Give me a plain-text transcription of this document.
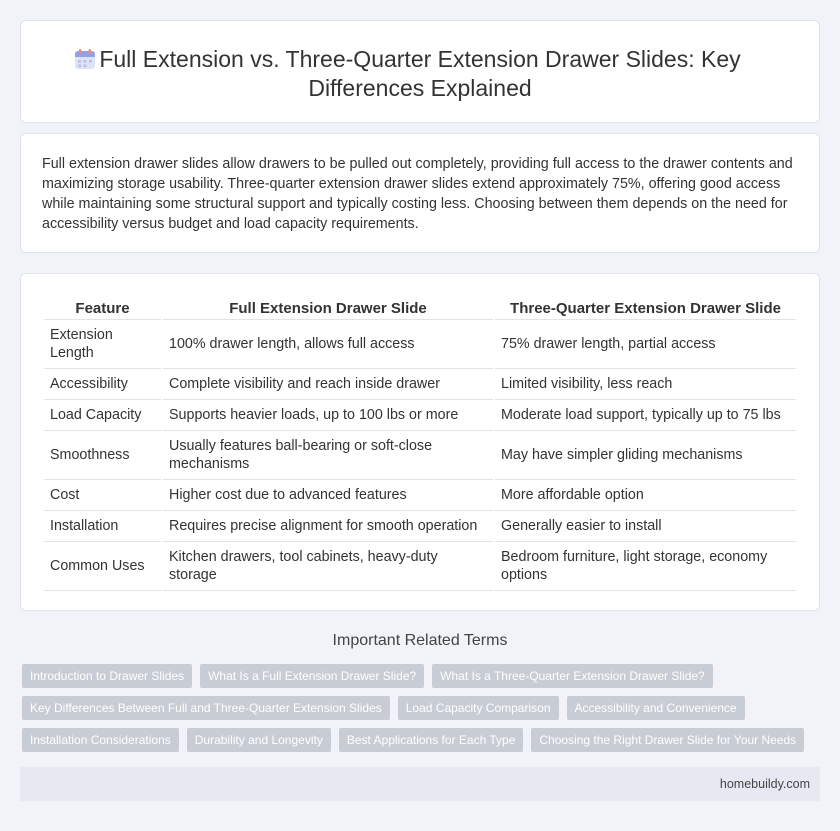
Full Extension vs. Three-Quarter Extension Drawer Slides: Key Differences Explained

Full extension drawer slides allow drawers to be pulled out completely, providing full access to the drawer contents and maximizing storage usability. Three-quarter extension drawer slides extend approximately 75%, offering good access while maintaining some structural support and typically costing less. Choosing between them depends on the need for accessibility versus budget and load capacity requirements.

Feature	Full Extension Drawer Slide	Three-Quarter Extension Drawer Slide
Extension Length	100% drawer length, allows full access	75% drawer length, partial access
Accessibility	Complete visibility and reach inside drawer	Limited visibility, less reach
Load Capacity	Supports heavier loads, up to 100 lbs or more	Moderate load support, typically up to 75 lbs
Smoothness	Usually features ball-bearing or soft-close mechanisms	May have simpler gliding mechanisms
Cost	Higher cost due to advanced features	More affordable option
Installation	Requires precise alignment for smooth operation	Generally easier to install
Common Uses	Kitchen drawers, tool cabinets, heavy-duty storage	Bedroom furniture, light storage, economy options
Important Related Terms
Introduction to Drawer Slides	What Is a Full Extension Drawer Slide?	What Is a Three-Quarter Extension Drawer Slide?
Key Differences Between Full and Three-Quarter Extension Slides	Load Capacity Comparison	Accessibility and Convenience
Installation Considerations	Durability and Longevity	Best Applications for Each Type	Choosing the Right Drawer Slide for Your Needs
homebuildy.com
